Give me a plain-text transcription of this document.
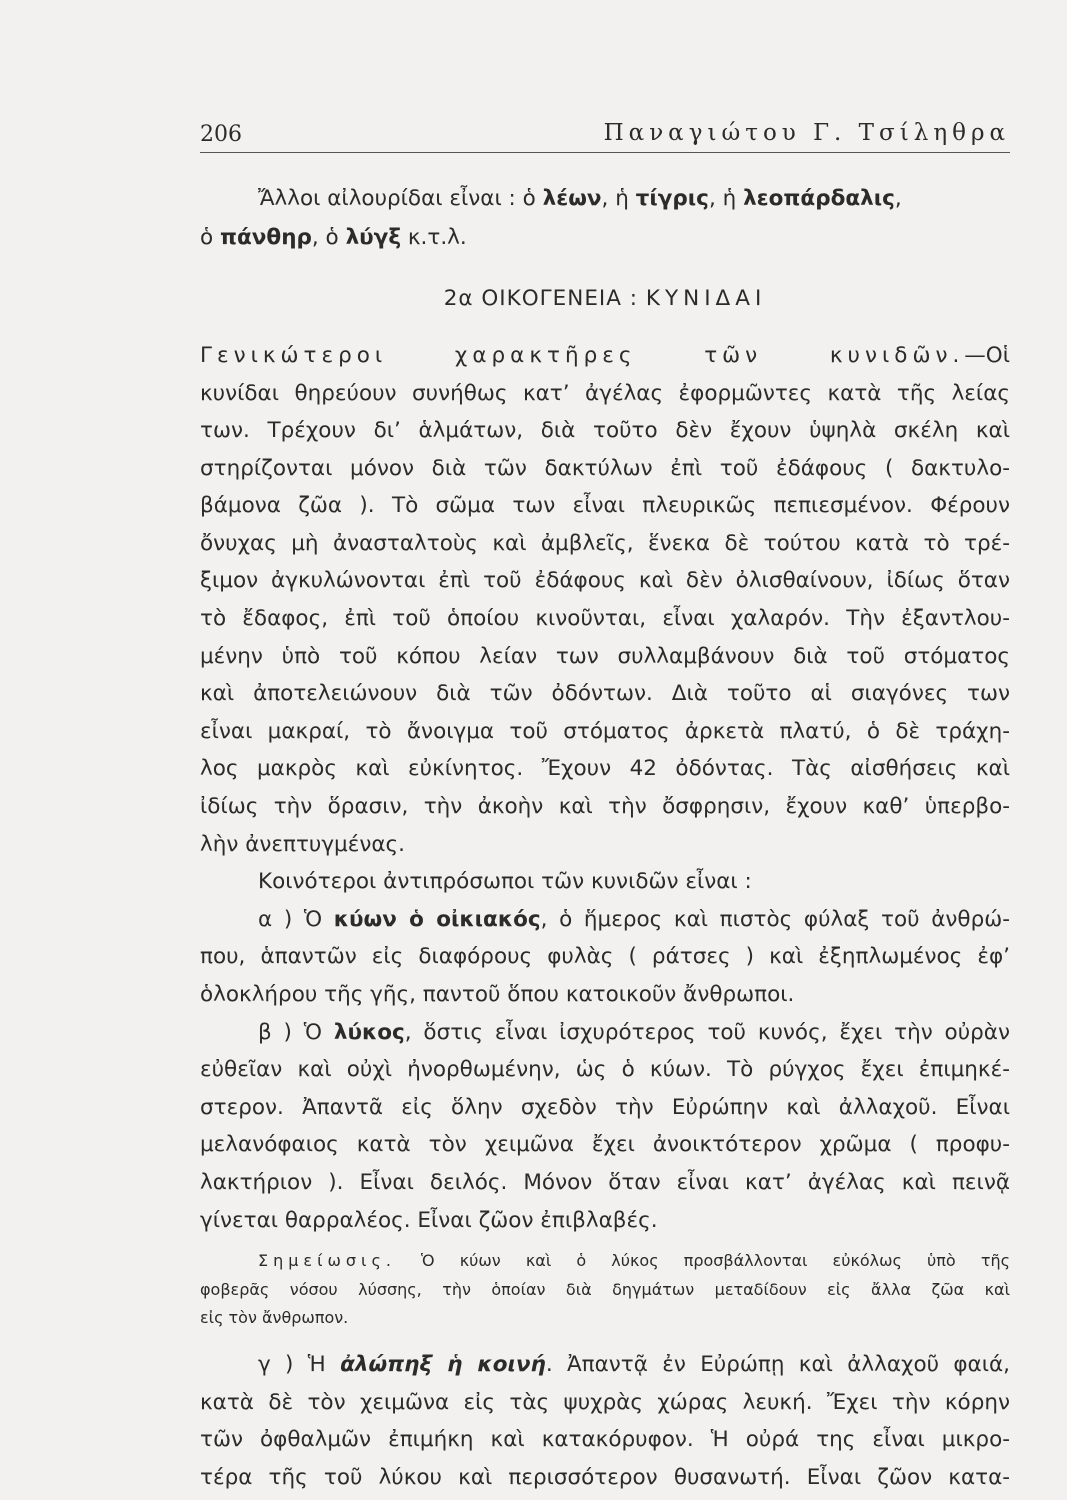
206	Παναγιώτου Γ. Τσίληθρα
Ἄλλοι αἰλουρίδαι εἶναι : ὁ λέων, ἡ τίγρις, ἡ λεοπάρδαλις,
ὁ πάνθηρ, ὁ λύγξ κ.τ.λ.
2α ΟΙΚΟΓΕΝΕΙΑ : ΚΥΝΙΔΑΙ
Γενικώτεροι χαρακτῆρες τῶν κυνιδῶν.—Οἱ
κυνίδαι θηρεύουν συνήθως κατ’ ἀγέλας ἐφορμῶντες κατὰ τῆς λείας
των. Τρέχουν δι’ ἁλμάτων, διὰ τοῦτο δὲν ἔχουν ὑψηλὰ σκέλη καὶ
στηρίζονται μόνον διὰ τῶν δακτύλων ἐπὶ τοῦ ἐδάφους ( δακτυλο-
βάμονα ζῶα ). Τὸ σῶμα των εἶναι πλευρικῶς πεπιεσμένον. Φέρουν
ὄνυχας μὴ ἀνασταλτοὺς καὶ ἀμβλεῖς, ἕνεκα δὲ τούτου κατὰ τὸ τρέ-
ξιμον ἀγκυλώνονται ἐπὶ τοῦ ἐδάφους καὶ δὲν ὀλισθαίνουν, ἰδίως ὅταν
τὸ ἔδαφος, ἐπὶ τοῦ ὁποίου κινοῦνται, εἶναι χαλαρόν. Τὴν ἐξαντλου-
μένην ὑπὸ τοῦ κόπου λείαν των συλλαμβάνουν διὰ τοῦ στόματος
καὶ ἀποτελειώνουν διὰ τῶν ὀδόντων. Διὰ τοῦτο αἱ σιαγόνες των
εἶναι μακραί, τὸ ἄνοιγμα τοῦ στόματος ἀρκετὰ πλατύ, ὁ δὲ τράχη-
λος μακρὸς καὶ εὐκίνητος. Ἔχουν 42 ὀδόντας. Τὰς αἰσθήσεις καὶ
ἰδίως τὴν ὅρασιν, τὴν ἀκοὴν καὶ τὴν ὄσφρησιν, ἔχουν καθ’ ὑπερβο-
λὴν ἀνεπτυγμένας.
Κοινότεροι ἀντιπρόσωποι τῶν κυνιδῶν εἶναι :
α ) Ὁ κύων ὁ οἰκιακός, ὁ ἥμερος καὶ πιστὸς φύλαξ τοῦ ἀνθρώ-
που, ἁπαντῶν εἰς διαφόρους φυλὰς ( ράτσες ) καὶ ἐξηπλωμένος ἐφ’
ὁλοκλήρου τῆς γῆς, παντοῦ ὅπου κατοικοῦν ἄνθρωποι.
β ) Ὁ λύκος, ὅστις εἶναι ἰσχυρότερος τοῦ κυνός, ἔχει τὴν οὐρὰν
εὐθεῖαν καὶ οὐχὶ ἠνορθωμένην, ὡς ὁ κύων. Τὸ ρύγχος ἔχει ἐπιμηκέ-
στερον. Ἀπαντᾶ εἰς ὅλην σχεδὸν τὴν Εὐρώπην καὶ ἀλλαχοῦ. Εἶναι
μελανόφαιος κατὰ τὸν χειμῶνα ἔχει ἀνοικτότερον χρῶμα ( προφυ-
λακτήριον ). Εἶναι δειλός. Μόνον ὅταν εἶναι κατ’ ἀγέλας καὶ πεινᾷ
γίνεται θαρραλέος. Εἶναι ζῶον ἐπιβλαβές.
Σημείωσις. Ὁ κύων καὶ ὁ λύκος προσβάλλονται εὐκόλως ὑπὸ τῆς
φοβερᾶς νόσου λύσσης, τὴν ὁποίαν διὰ δηγμάτων μεταδίδουν εἰς ἄλλα ζῶα καὶ
εἰς τὸν ἄνθρωπον.
γ ) Ἡ ἀλώπηξ ἡ κοινή. Ἀπαντᾷ ἐν Εὐρώπῃ καὶ ἀλλαχοῦ φαιά,
κατὰ δὲ τὸν χειμῶνα εἰς τὰς ψυχρὰς χώρας λευκή. Ἔχει τὴν κόρην
τῶν ὀφθαλμῶν ἐπιμήκη καὶ κατακόρυφον. Ἡ οὐρά της εἶναι μικρο-
τέρα τῆς τοῦ λύκου καὶ περισσότερον θυσανωτή. Εἶναι ζῶον κατα-
